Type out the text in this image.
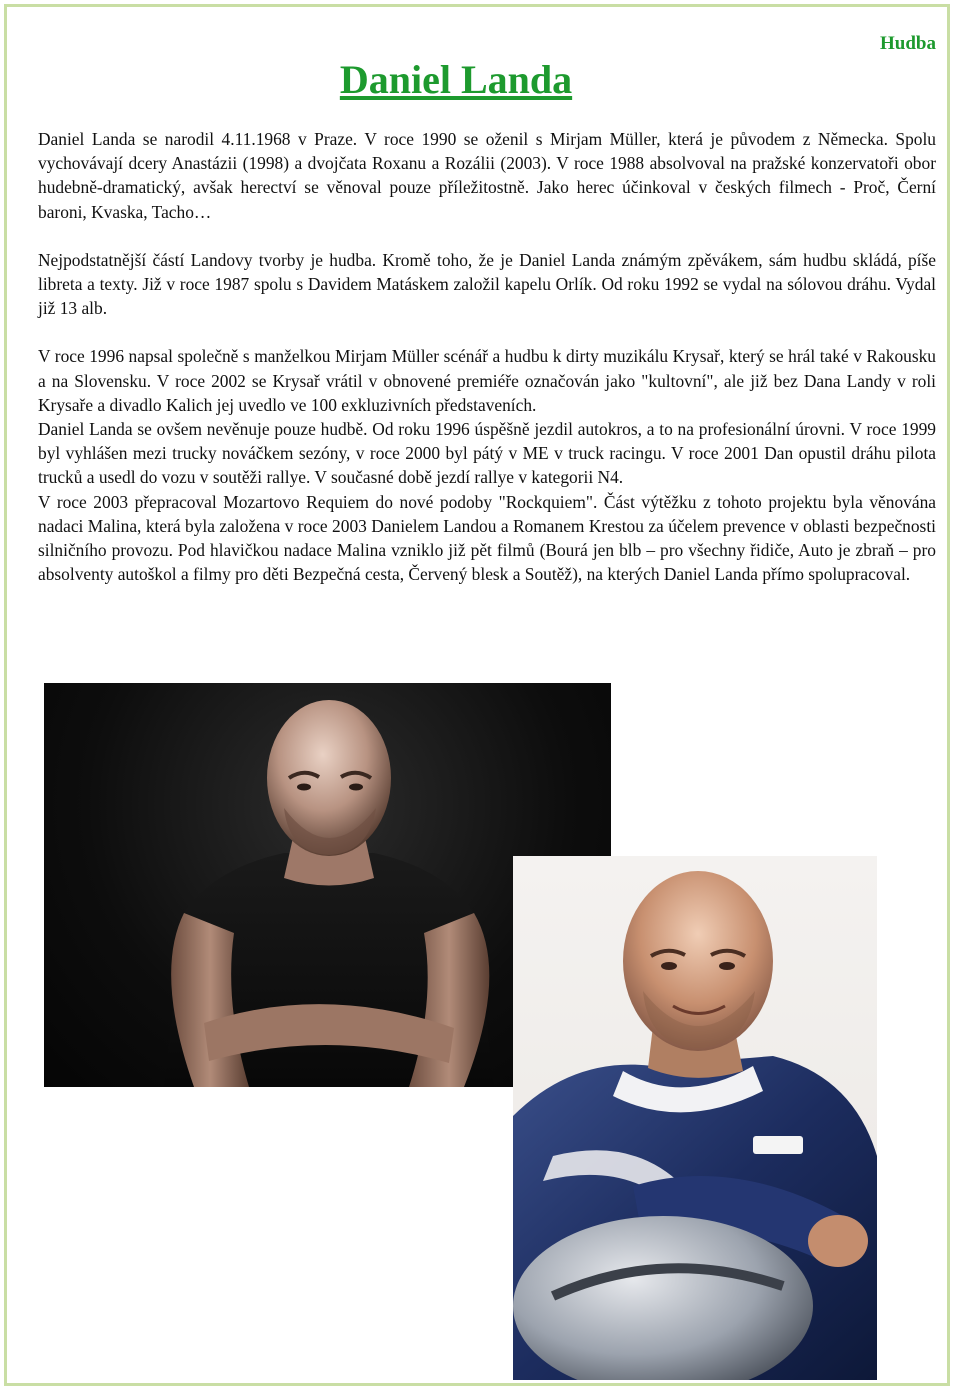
Hudba
Daniel Landa

Daniel Landa se narodil 4.11.1968 v Praze. V roce 1990 se oženil s Mirjam Müller, která je původem z Německa. Spolu vychovávají dcery Anastázii (1998) a dvojčata Roxanu a Rozálii (2003). V roce 1988 absolvoval na pražské konzervatoři obor hudebně-dramatický, avšak herectví se věnoval pouze příležitostně. Jako herec účinkoval v českých filmech - Proč, Černí baroni, Kvaska, Tacho…

Nejpodstatnější částí Landovy tvorby je hudba. Kromě toho, že je Daniel Landa známým zpěvákem, sám hudbu skládá, píše libreta a texty. Již v roce 1987 spolu s Davidem Matáskem založil kapelu Orlík. Od roku 1992 se vydal na sólovou dráhu. Vydal již 13 alb.

V roce 1996 napsal společně s manželkou Mirjam Müller scénář a hudbu k dirty muzikálu Krysař, který se hrál také v Rakousku a na Slovensku. V roce 2002 se Krysař vrátil v obnovené premiéře označován jako "kultovní", ale již bez Dana Landy v roli Krysaře a divadlo Kalich jej uvedlo ve 100 exkluzivních představeních.

Daniel Landa se ovšem nevěnuje pouze hudbě. Od roku 1996 úspěšně jezdil autokros, a to na profesionální úrovni. V roce 1999 byl vyhlášen mezi trucky nováčkem sezóny, v roce 2000 byl pátý v ME v truck racingu. V roce 2001 Dan opustil dráhu pilota trucků a usedl do vozu v soutěži rallye. V současné době jezdí rallye v kategorii N4.

V roce 2003 přepracoval Mozartovo Requiem do nové podoby "Rockquiem". Část výtěžku z tohoto projektu byla věnována nadaci Malina, která byla založena v roce 2003 Danielem Landou a Romanem Krestou za účelem prevence v oblasti bezpečnosti silničního provozu. Pod hlavičkou nadace Malina vzniklo již pět filmů (Bourá jen blb – pro všechny řidiče, Auto je zbraň – pro absolventy autoškol a filmy pro děti Bezpečná cesta, Červený blesk a Soutěž), na kterých Daniel Landa přímo spolupracoval.
